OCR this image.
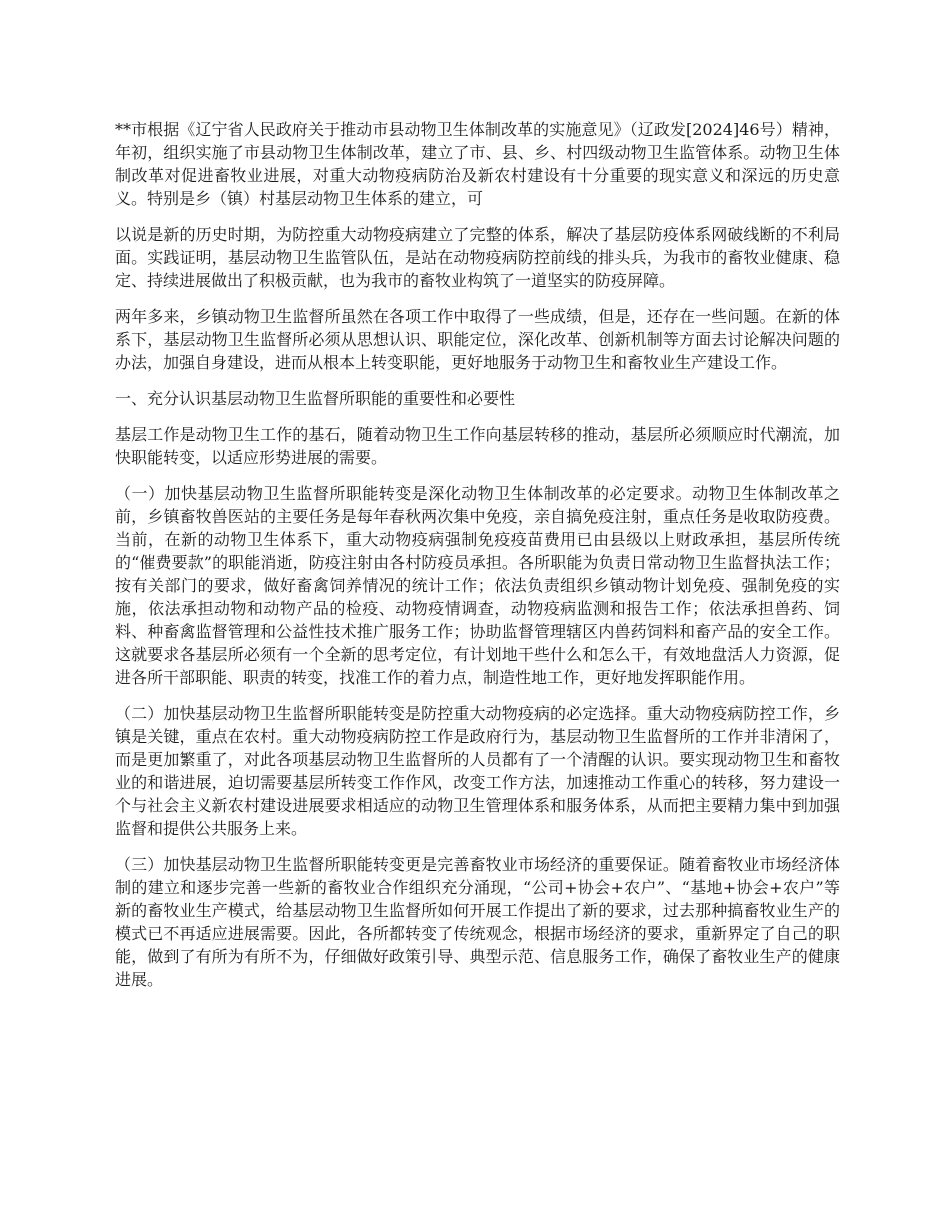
**市根据《辽宁省人民政府关于推动市县动物卫生体制改革的实施意见》（辽政发[2024]46号）精神，年初，组织实施了市县动物卫生体制改革，建立了市、县、乡、村四级动物卫生监管体系。动物卫生体制改革对促进畜牧业进展，对重大动物疫病防治及新农村建设有十分重要的现实意义和深远的历史意义。特别是乡（镇）村基层动物卫生体系的建立，可

以说是新的历史时期，为防控重大动物疫病建立了完整的体系，解决了基层防疫体系网破线断的不利局面。实践证明，基层动物卫生监管队伍，是站在动物疫病防控前线的排头兵，为我市的畜牧业健康、稳定、持续进展做出了积极贡献，也为我市的畜牧业构筑了一道坚实的防疫屏障。

两年多来，乡镇动物卫生监督所虽然在各项工作中取得了一些成绩，但是，还存在一些问题。在新的体系下，基层动物卫生监督所必须从思想认识、职能定位，深化改革、创新机制等方面去讨论解决问题的办法，加强自身建设，进而从根本上转变职能，更好地服务于动物卫生和畜牧业生产建设工作。

一、充分认识基层动物卫生监督所职能的重要性和必要性

基层工作是动物卫生工作的基石，随着动物卫生工作向基层转移的推动，基层所必须顺应时代潮流，加快职能转变，以适应形势进展的需要。

（一）加快基层动物卫生监督所职能转变是深化动物卫生体制改革的必定要求。动物卫生体制改革之前，乡镇畜牧兽医站的主要任务是每年春秋两次集中免疫，亲自搞免疫注射，重点任务是收取防疫费。当前，在新的动物卫生体系下，重大动物疫病强制免疫疫苗费用已由县级以上财政承担，基层所传统的“催费要款”的职能消逝，防疫注射由各村防疫员承担。各所职能为负责日常动物卫生监督执法工作；按有关部门的要求，做好畜禽饲养情况的统计工作；依法负责组织乡镇动物计划免疫、强制免疫的实施，依法承担动物和动物产品的检疫、动物疫情调查，动物疫病监测和报告工作；依法承担兽药、饲料、种畜禽监督管理和公益性技术推广服务工作；协助监督管理辖区内兽药饲料和畜产品的安全工作。这就要求各基层所必须有一个全新的思考定位，有计划地干些什么和怎么干，有效地盘活人力资源，促进各所干部职能、职责的转变，找准工作的着力点，制造性地工作，更好地发挥职能作用。

（二）加快基层动物卫生监督所职能转变是防控重大动物疫病的必定选择。重大动物疫病防控工作，乡镇是关键，重点在农村。重大动物疫病防控工作是政府行为，基层动物卫生监督所的工作并非清闲了，而是更加繁重了，对此各项基层动物卫生监督所的人员都有了一个清醒的认识。要实现动物卫生和畜牧业的和谐进展，迫切需要基层所转变工作作风，改变工作方法，加速推动工作重心的转移，努力建设一个与社会主义新农村建设进展要求相适应的动物卫生管理体系和服务体系，从而把主要精力集中到加强监督和提供公共服务上来。

（三）加快基层动物卫生监督所职能转变更是完善畜牧业市场经济的重要保证。随着畜牧业市场经济体制的建立和逐步完善一些新的畜牧业合作组织充分涌现，“公司+协会+农户”、“基地+协会+农户”等新的畜牧业生产模式，给基层动物卫生监督所如何开展工作提出了新的要求，过去那种搞畜牧业生产的模式已不再适应进展需要。因此，各所都转变了传统观念，根据市场经济的要求，重新界定了自己的职能，做到了有所为有所不为，仔细做好政策引导、典型示范、信息服务工作，确保了畜牧业生产的健康进展。
